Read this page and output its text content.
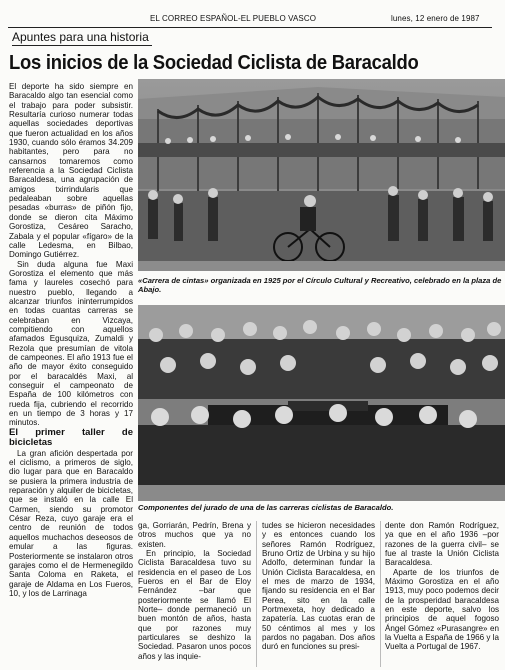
EL CORREO ESPAÑOL-EL PUEBLO VASCO	lunes, 12 enero de 1987
Apuntes para una historia
Los inicios de la Sociedad Ciclista de Baracaldo

El deporte ha sido siempre en Baracaldo algo tan esencial como el trabajo para poder subsistir. Resultaría curioso numerar todas aquellas sociedades deportivas que fueron actualidad en los años 1930, cuando sólo éramos 34.209 habitantes, pero para no cansarnos tomaremos como referencia a la Sociedad Ciclista Baracaldesa, una agrupación de amigos txirrindularis que pedaleaban sobre aquellas pesadas «burras» de piñón fijo, donde se dieron cita Máximo Gorostiza, Cesáreo Saracho, Zabala y el popular «fígaro» de la calle Ledesma, en Bilbao, Domingo Gutiérrez.

Sin duda alguna fue Maxi Gorostiza el elemento que más fama y laureles cosechó para nuestro pueblo, llegando a alcanzar triunfos ininterrumpidos en todas cuantas carreras se celebraban en Vizcaya, compitiendo con aquellos afamados Egusquiza, Zumaldi y Rezola que presumían de vitola de campeones. El año 1913 fue el año de mayor éxito conseguido por el baracaldés Maxi, al conseguir el campeonato de España de 100 kilómetros con rueda fija, cubriendo el recorrido en un tiempo de 3 horas y 17 minutos.

El primer taller de bicicletas

La gran afición despertada por el ciclismo, a primeros de siglo, dio lugar para que en Baracaldo se pusiera la primera industria de reparación y alquiler de bicicletas, que se instaló en la calle El Carmen, siendo su promotor César Reza, cuyo garaje era el centro de reunión de todos aquellos muchachos deseosos de emular a las figuras. Posteriormente se instalaron otros garajes como el de Hermenegildo Santa Coloma en Raketa, el garaje de Aldama en Los Fueros, 10, y los de Larrinaga

«Carrera de cintas» organizada en 1925 por el Círculo Cultural y Recreativo, celebrado en la plaza de Abajo.
Componentes del jurado de una de las carreras ciclistas de Baracaldo.

ga, Gorriarán, Pedrín, Brena y otros muchos que ya no existen.

En principio, la Sociedad Ciclista Baracaldesa tuvo su residencia en el paseo de Los Fueros en el Bar de Eloy Fernández –bar que posteriormente se llamó El Norte– donde permaneció un buen montón de años, hasta que por razones muy particulares se deshizo la Sociedad. Pasaron unos pocos años y las inquie-

tudes se hicieron necesidades y es entonces cuando los señores Ramón Rodríguez, Bruno Ortiz de Urbina y su hijo Adolfo, determinan fundar la Unión Ciclista Baracaldesa, en el mes de marzo de 1934, fijando su residencia en el Bar Perea, sito en la calle Portmexeta, hoy dedicado a zapatería. Las cuotas eran de 50 céntimos al mes y los pardos no pagaban. Dos años duró en funciones su presi-

dente don Ramón Rodríguez, ya que en el año 1936 –por razones de la guerra civil– se fue al traste la Unión Ciclista Baracaldesa.

Aparte de los triunfos de Máximo Gorostiza en el año 1913, muy poco podemos decir de la prosperidad baracaldesa en este deporte, salvo los principios de aquel fogoso Ángel Gómez «Purasangre» en la Vuelta a España de 1966 y la Vuelta a Portugal de 1967.
